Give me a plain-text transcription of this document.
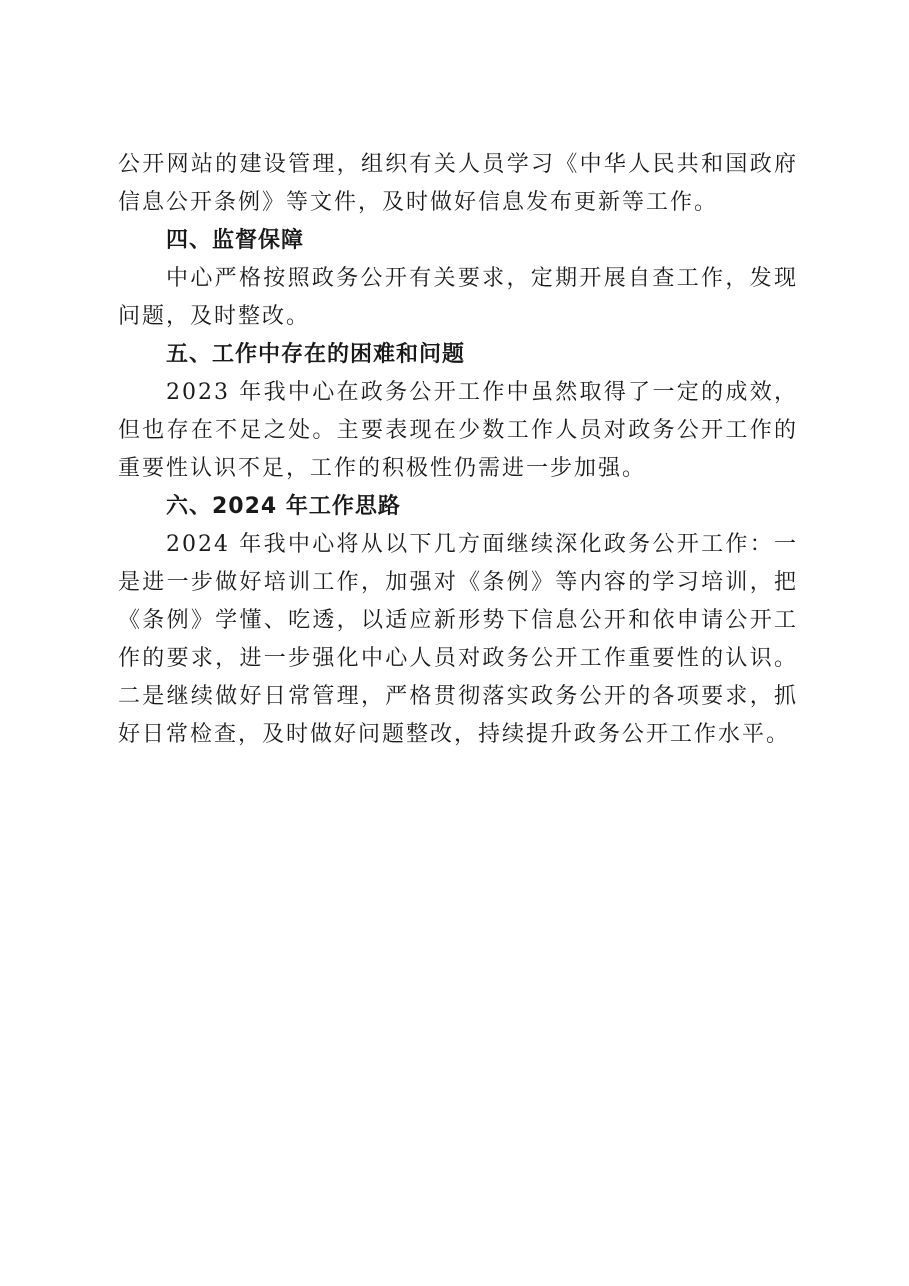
公开网站的建设管理，组织有关人员学习《中华人民共和国政府信息公开条例》等文件，及时做好信息发布更新等工作。

四、监督保障

中心严格按照政务公开有关要求，定期开展自查工作，发现问题，及时整改。

五、工作中存在的困难和问题

2023 年我中心在政务公开工作中虽然取得了一定的成效，但也存在不足之处。主要表现在少数工作人员对政务公开工作的重要性认识不足，工作的积极性仍需进一步加强。

六、2024 年工作思路

2024 年我中心将从以下几方面继续深化政务公开工作：一是进一步做好培训工作，加强对《条例》等内容的学习培训，把《条例》学懂、吃透，以适应新形势下信息公开和依申请公开工作的要求，进一步强化中心人员对政务公开工作重要性的认识。二是继续做好日常管理，严格贯彻落实政务公开的各项要求，抓好日常检查，及时做好问题整改，持续提升政务公开工作水平。
